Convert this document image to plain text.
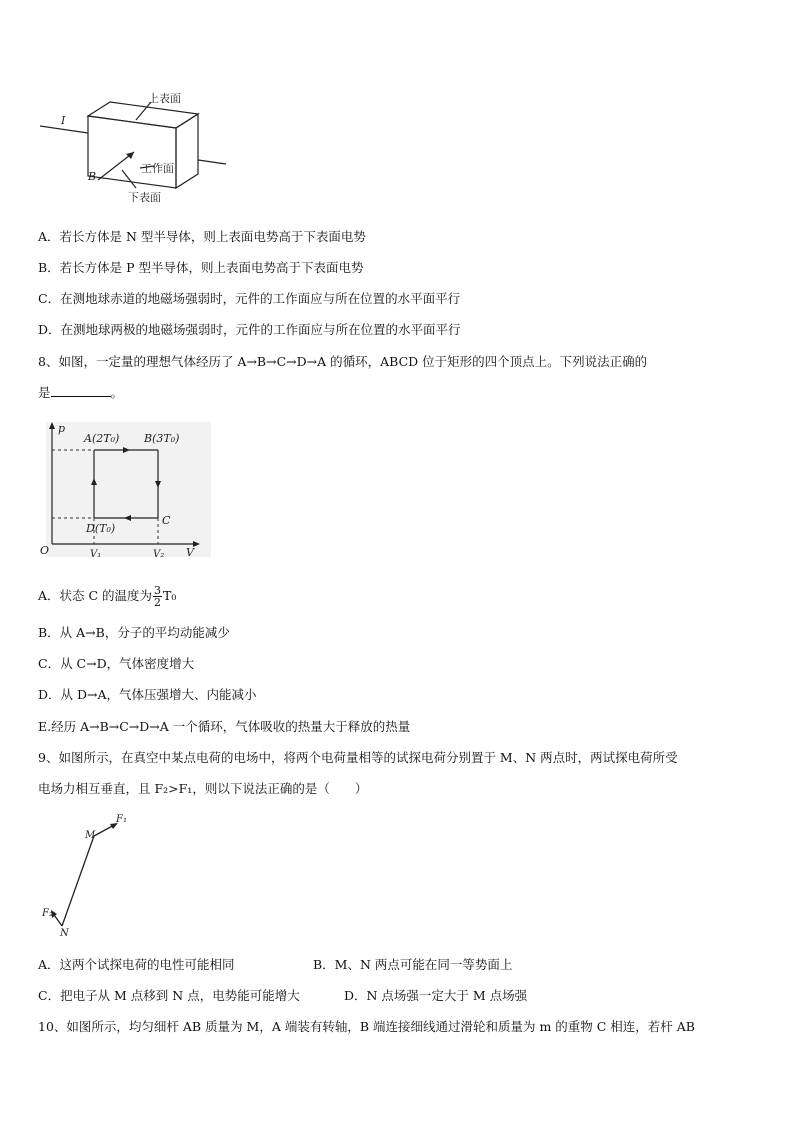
上表面
工作面
下表面
I
B
A．若长方体是 N 型半导体，则上表面电势高于下表面电势
B．若长方体是 P 型半导体，则上表面电势高于下表面电势
C．在测地球赤道的地磁场强弱时，元件的工作面应与所在位置的水平面平行
D．在测地球两极的地磁场强弱时，元件的工作面应与所在位置的水平面平行
8、如图，一定量的理想气体经历了 A→B→C→D→A 的循环，ABCD 位于矩形的四个顶点上。下列说法正确的
是	。
p
V
O
A(2T₀) B(3T₀)
C
D(T₀)
V₁	V₂
A．状态 C 的温度为 $\frac{3}{2} T_0$
B．从 A→B，分子的平均动能减少
C．从 C→D，气体密度增大
D．从 D→A，气体压强增大、内能减小
E.经历 A→B→C→D→A 一个循环，气体吸收的热量大于释放的热量
9、如图所示，在真空中某点电荷的电场中，将两个电荷量相等的试探电荷分别置于 M、N 两点时，两试探电荷所受
电场力相互垂直，且 F₂>F₁，则以下说法正确的是（　　）
F₁
M
F₂
N
A．这两个试探电荷的电性可能相同	B．M、N 两点可能在同一等势面上
C．把电子从 M 点移到 N 点，电势能可能增大	D．N 点场强一定大于 M 点场强
10、如图所示，均匀细杆 AB 质量为 M，A 端装有转轴，B 端连接细线通过滑轮和质量为 m 的重物 C 相连，若杆 AB
